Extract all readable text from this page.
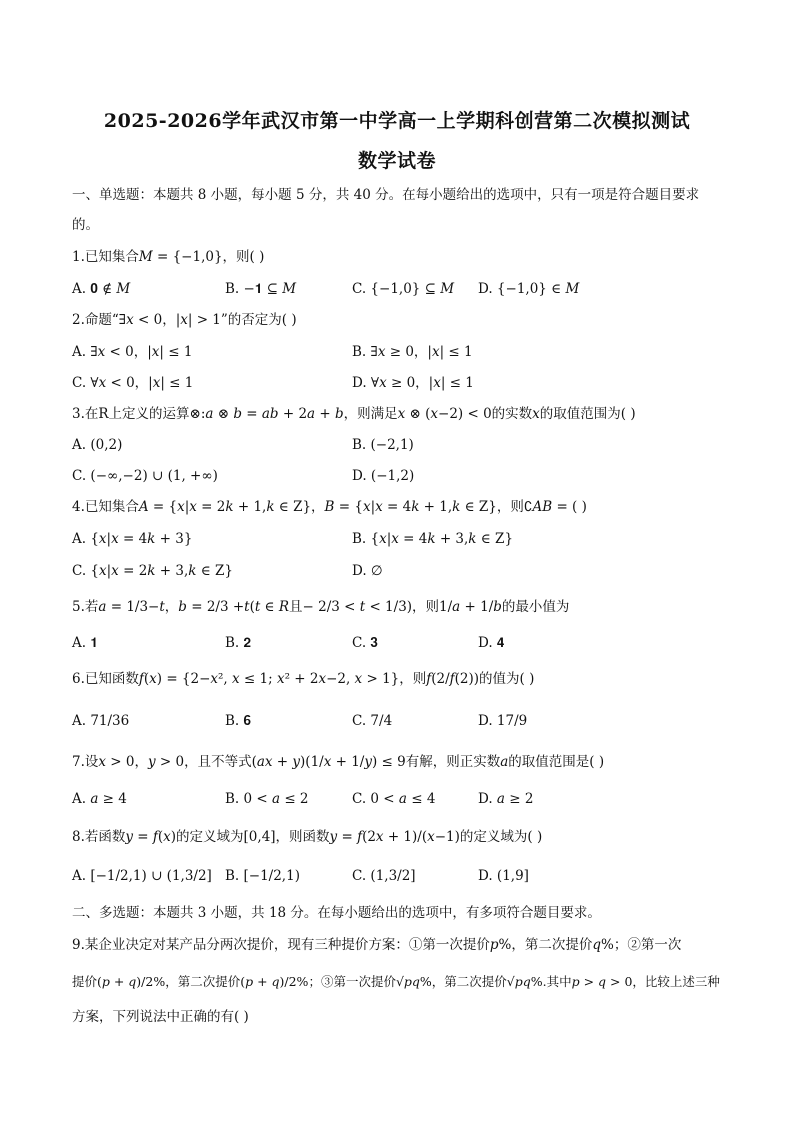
2025-2026学年武汉市第一中学高一上学期科创营第二次模拟测试
数学试卷
一、单选题：本题共 8 小题，每小题 5 分，共 40 分。在每小题给出的选项中，只有一项是符合题目要求
的。
1.已知集合𝑀 = {−1,0}，则( )
A. 𝟎 ∉ 𝑀	B. −𝟏 ⊆ 𝑀	C. {−1,0} ⊆ 𝑀 D. {−1,0} ∈ 𝑀
2.命题“∃𝑥 < 0，|𝑥| > 1”的否定为( )
A. ∃𝑥 < 0，|𝑥| ≤ 1	B. ∃𝑥 ≥ 0，|𝑥| ≤ 1
C. ∀𝑥 < 0，|𝑥| ≤ 1	D. ∀𝑥 ≥ 0，|𝑥| ≤ 1
3.在R上定义的运算⊗:𝑎 ⊗ 𝑏 = 𝑎𝑏 + 2𝑎 + 𝑏，则满足𝑥 ⊗ (𝑥−2) < 0的实数𝑥的取值范围为( )
A. (0,2)	B. (−2,1)
C. (−∞,−2) ∪ (1, +∞)	D. (−1,2)
4.已知集合𝐴 = {𝑥|𝑥 = 2𝑘 + 1,𝑘 ∈ Z}，𝐵 = {𝑥|𝑥 = 4𝑘 + 1,𝑘 ∈ Z}，则∁𝐴𝐵 = ( )
A. {𝑥|𝑥 = 4𝑘 + 3}	B. {𝑥|𝑥 = 4𝑘 + 3,𝑘 ∈ Z}
C. {𝑥|𝑥 = 2𝑘 + 3,𝑘 ∈ Z}	D. ∅
5.若𝑎 = 1/3−𝑡，𝑏 = 2/3 +𝑡(𝑡 ∈ 𝑅且− 2/3 < 𝑡 < 1/3)，则1/𝑎 + 1/𝑏的最小值为
A. 𝟏	B. 𝟐	C. 𝟑	D. 𝟒
6.已知函数𝑓(𝑥) = {2−𝑥², 𝑥 ≤ 1; 𝑥² + 2𝑥−2, 𝑥 > 1}，则𝑓(2/𝑓(2))的值为( )
A. 71/36	B. 𝟔	C. 7/4	D. 17/9
7.设𝑥 > 0，𝑦 > 0，且不等式(𝑎𝑥 + 𝑦)(1/𝑥 + 1/𝑦) ≤ 9有解，则正实数𝑎的取值范围是( )
A. 𝑎 ≥ 4	B. 0 < 𝑎 ≤ 2	C. 0 < 𝑎 ≤ 4	D. 𝑎 ≥ 2
8.若函数𝑦 = 𝑓(𝑥)的定义域为[0,4]，则函数𝑦 = 𝑓(2𝑥 + 1)/(𝑥−1)的定义域为( )
A. [−1/2,1) ∪ (1,3/2] B. [−1/2,1)	C. (1,3/2]	D. (1,9]
二、多选题：本题共 3 小题，共 18 分。在每小题给出的选项中，有多项符合题目要求。
9.某企业决定对某产品分两次提价，现有三种提价方案：①第一次提价𝑝%，第二次提价𝑞%；②第一次
提价(𝑝 + 𝑞)/2%，第二次提价(𝑝 + 𝑞)/2%；③第一次提价√𝑝𝑞%，第二次提价√𝑝𝑞%.其中𝑝 > 𝑞 > 0，比较上述三种
方案，下列说法中正确的有( )
